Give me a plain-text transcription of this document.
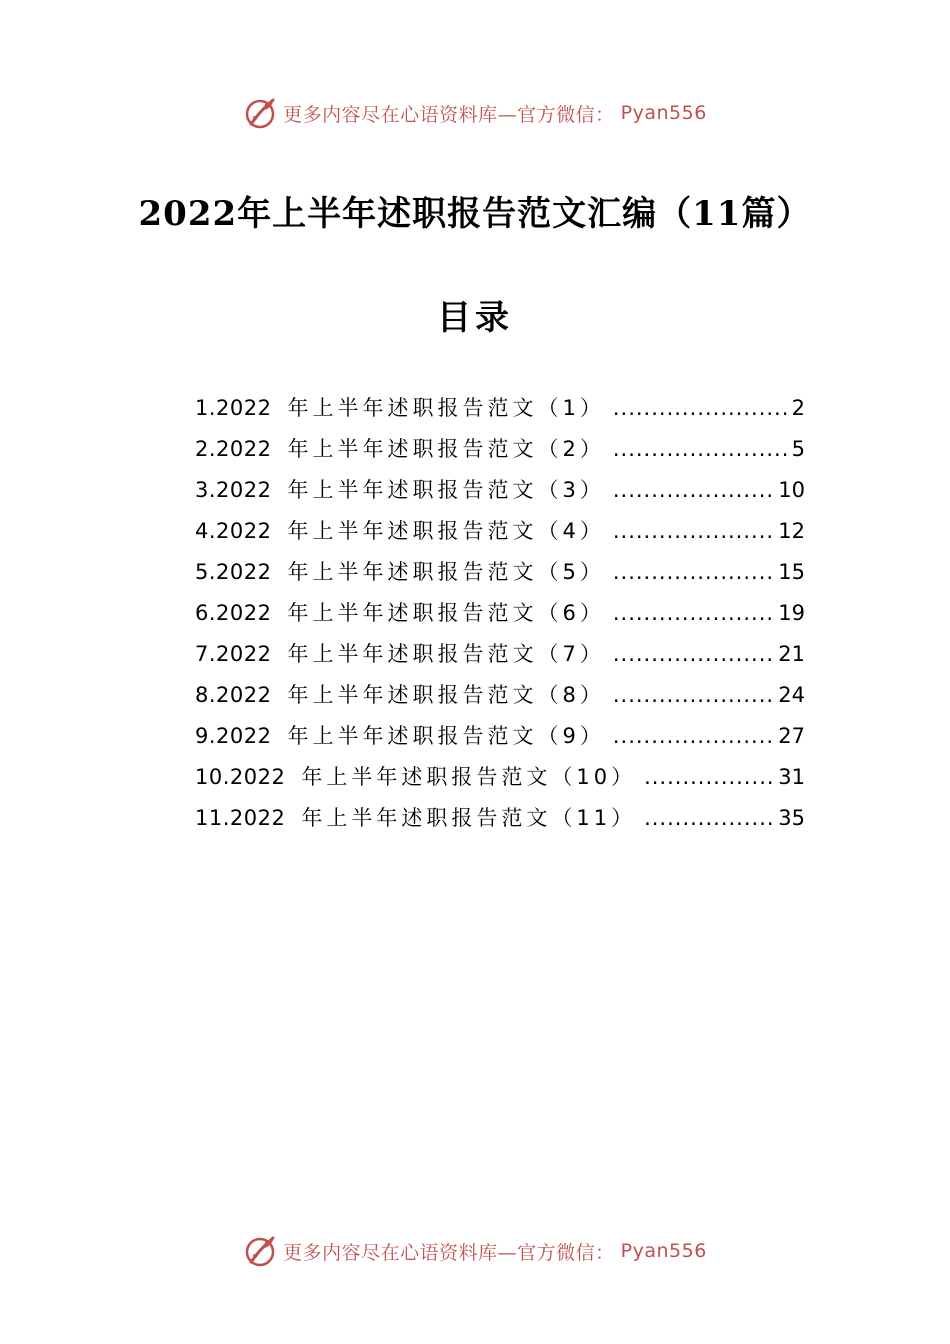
更多内容尽在心语资料库—官方微信： Pyan556
2022年上半年述职报告范文汇编（11篇）
目录
1.2022 年上半年述职报告范文（1） .....	2
2.2022 年上半年述职报告范文（2） .....	5
3.2022 年上半年述职报告范文（3） .....	10
4.2022 年上半年述职报告范文（4） .....	12
5.2022 年上半年述职报告范文（5） .....	15
6.2022 年上半年述职报告范文（6） .....	19
7.2022 年上半年述职报告范文（7） .....	21
8.2022 年上半年述职报告范文（8） .....	24
9.2022 年上半年述职报告范文（9） .....	27
10.2022 年上半年述职报告范文（10） .....	31
11.2022 年上半年述职报告范文（11） .....	35
更多内容尽在心语资料库—官方微信： Pyan556
